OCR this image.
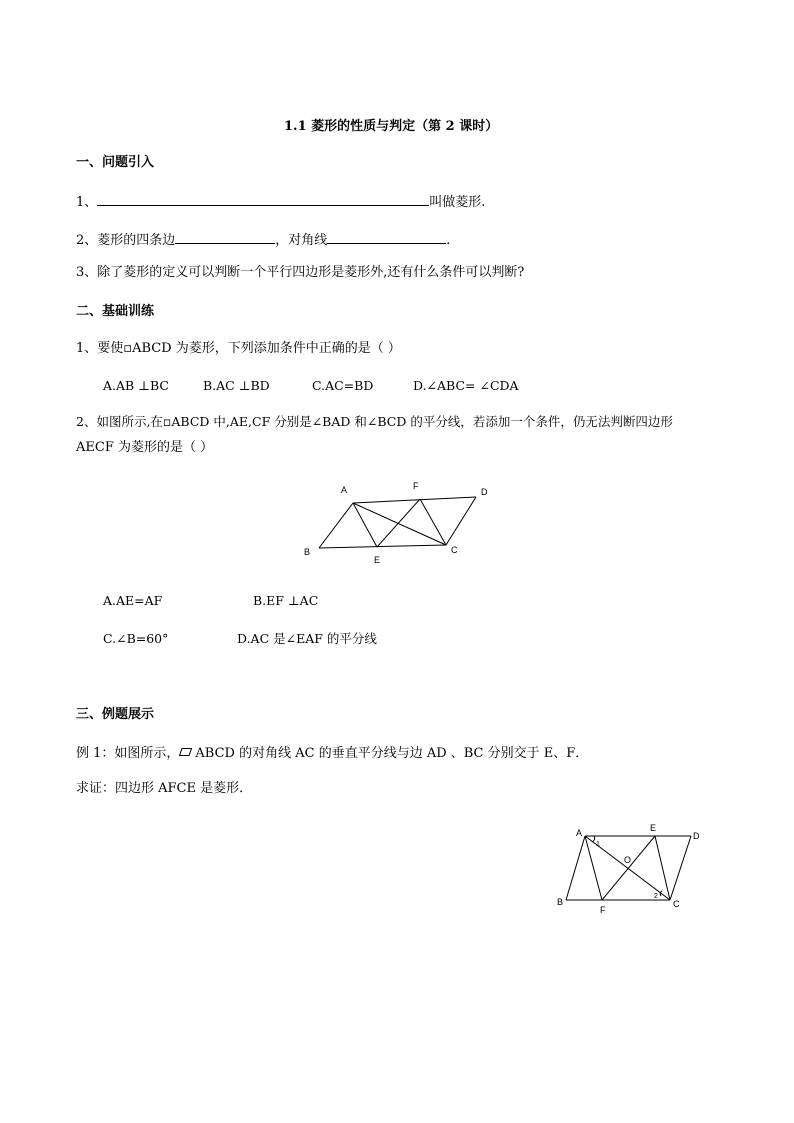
1.1 菱形的性质与判定（第 2 课时）
一、问题引入
1、	叫做菱形.
2、菱形的四条边	，对角线	.
3、除了菱形的定义可以判断一个平行四边形是菱形外,还有什么条件可以判断?
二、基础训练
1、要使▫ABCD 为菱形，下列添加条件中正确的是（ ）
A.AB ⊥BC	B.AC ⊥BD	C.AC=BD	D.∠ABC= ∠CDA
2、如图所示,在▫ABCD 中,AE,CF 分别是∠BAD 和∠BCD 的平分线，若添加一个条件，仍无法判断四边形
AECF 为菱形的是（ ）
A	F
D
B
E
C
A.AE=AF	B.EF ⊥AC
C.∠B=60°	D.AC 是∠EAF 的平分线
三、例题展示
例 1：如图所示， ABCD 的对角线 AC 的垂直平分线与边 AD 、BC 分别交于 E、F．
求证：四边形 AFCE 是菱形．
A	E
D
B
F
C
O
1
2
